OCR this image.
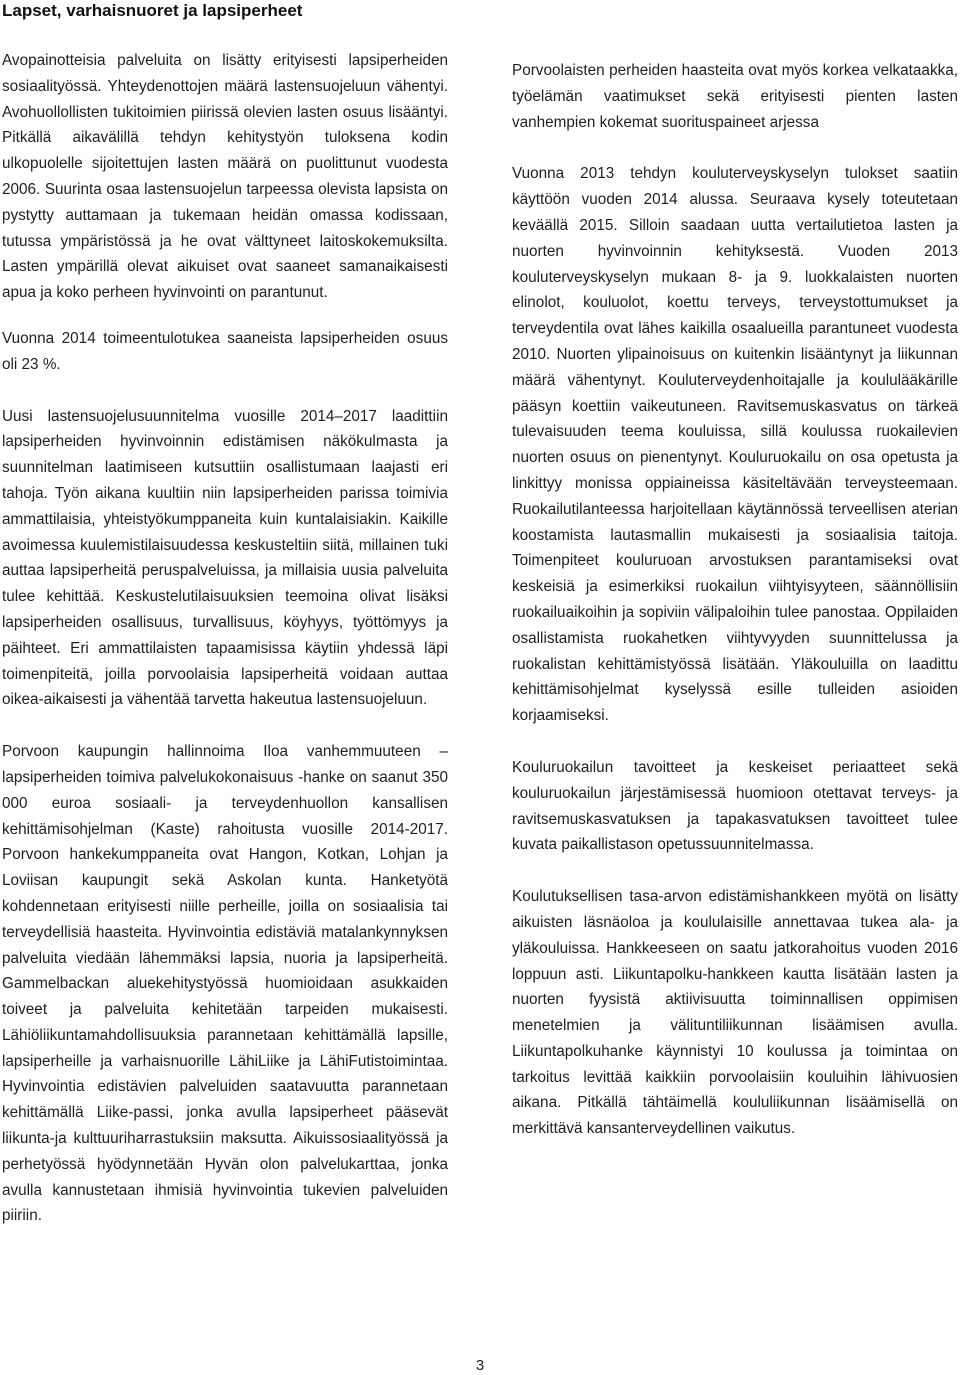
Lapset, varhaisnuoret ja lapsiperheet

Avopainotteisia palveluita on lisätty erityisesti lapsiperheiden sosiaalityössä. Yhteydenottojen määrä lastensuojeluun vähentyi. Avohuollollisten tukitoimien piirissä olevien lasten osuus lisääntyi. Pitkällä aikavälillä tehdyn kehitystyön tuloksena kodin ulkopuolelle sijoitettujen lasten määrä on puolittunut vuodesta 2006. Suurinta osaa lastensuojelun tarpeessa olevista lapsista on pystytty auttamaan ja tukemaan heidän omassa kodissaan, tutussa ympäristössä ja he ovat välttyneet laitoskokemuksilta. Lasten ympärillä olevat aikuiset ovat saaneet samanaikaisesti apua ja koko perheen hyvinvointi on parantunut.

Vuonna 2014 toimeentulotukea saaneista lapsiperheiden osuus oli 23 %.

Uusi lastensuojelusuunnitelma vuosille 2014–2017 laadittiin lapsiperheiden hyvinvoinnin edistämisen näkökulmasta ja suunnitelman laatimiseen kutsuttiin osallistumaan laajasti eri tahoja. Työn aikana kuultiin niin lapsiperheiden parissa toimivia ammattilaisia, yhteistyökumppaneita kuin kuntalaisiakin. Kaikille avoimessa kuulemistilaisuudessa keskusteltiin siitä, millainen tuki auttaa lapsiperheitä peruspalveluissa, ja millaisia uusia palveluita tulee kehittää. Keskustelutilaisuuksien teemoina olivat lisäksi lapsiperheiden osallisuus, turvallisuus, köyhyys, työttömyys ja päihteet. Eri ammattilaisten tapaamisissa käytiin yhdessä läpi toimenpiteitä, joilla porvoolaisia lapsiperheitä voidaan auttaa oikea-aikaisesti ja vähentää tarvetta hakeutua lastensuojeluun.

Porvoon kaupungin hallinnoima Iloa vanhemmuuteen – lapsiperheiden toimiva palvelukokonaisuus -hanke on saanut 350 000 euroa sosiaali- ja terveydenhuollon kansallisen kehittämisohjelman (Kaste) rahoitusta vuosille 2014-2017. Porvoon hankekumppaneita ovat Hangon, Kotkan, Lohjan ja Loviisan kaupungit sekä Askolan kunta. Hanketyötä kohdennetaan erityisesti niille perheille, joilla on sosiaalisia tai terveydellisiä haasteita. Hyvinvointia edistäviä matalankynnyksen palveluita viedään lähemmäksi lapsia, nuoria ja lapsiperheitä. Gammelbackan aluekehitystyössä huomioidaan asukkaiden toiveet ja palveluita kehitetään tarpeiden mukaisesti. Lähiöliikuntamahdollisuuksia parannetaan kehittämällä lapsille, lapsiperheille ja varhaisnuorille LähiLiike ja LähiFutistoimintaa. Hyvinvointia edistävien palveluiden saatavuutta parannetaan kehittämällä Liike-passi, jonka avulla lapsiperheet pääsevät liikunta-ja kulttuuriharrastuksiin maksutta. Aikuissosiaalityössä ja perhetyössä hyödynnetään Hyvän olon palvelukarttaa, jonka avulla kannustetaan ihmisiä hyvinvointia tukevien palveluiden piiriin.

Porvoolaisten perheiden haasteita ovat myös korkea velkataakka, työelämän vaatimukset sekä erityisesti pienten lasten vanhempien kokemat suorituspaineet arjessa

Vuonna 2013 tehdyn kouluterveyskyselyn tulokset saatiin käyttöön vuoden 2014 alussa. Seuraava kysely toteutetaan keväällä 2015. Silloin saadaan uutta vertailutietoa lasten ja nuorten hyvinvoinnin kehityksestä. Vuoden 2013 kouluterveyskyselyn mukaan 8- ja 9. luokkalaisten nuorten elinolot, kouluolot, koettu terveys, terveystottumukset ja terveydentila ovat lähes kaikilla osaalueilla parantuneet vuodesta 2010. Nuorten ylipainoisuus on kuitenkin lisääntynyt ja liikunnan määrä vähentynyt. Kouluterveydenhoitajalle ja koululääkärille pääsyn koettiin vaikeutuneen. Ravitsemuskasvatus on tärkeä tulevaisuuden teema kouluissa, sillä koulussa ruokailevien nuorten osuus on pienentynyt. Kouluruokailu on osa opetusta ja linkittyy monissa oppiaineissa käsiteltävään terveysteemaan. Ruokailutilanteessa harjoitellaan käytännössä terveellisen aterian koostamista lautasmallin mukaisesti ja sosiaalisia taitoja. Toimenpiteet kouluruoan arvostuksen parantamiseksi ovat keskeisiä ja esimerkiksi ruokailun viihtyisyyteen, säännöllisiin ruokailuaikoihin ja sopiviin välipaloihin tulee panostaa. Oppilaiden osallistamista ruokahetken viihtyvyyden suunnittelussa ja ruokalistan kehittämistyössä lisätään. Yläkouluilla on laadittu kehittämisohjelmat kyselyssä esille tulleiden asioiden korjaamiseksi.

Kouluruokailun tavoitteet ja keskeiset periaatteet sekä kouluruokailun järjestämisessä huomioon otettavat terveys- ja ravitsemuskasvatuksen ja tapakasvatuksen tavoitteet tulee kuvata paikallistason opetussuunnitelmassa.

Koulutuksellisen tasa-arvon edistämishankkeen myötä on lisätty aikuisten läsnäoloa ja koululaisille annettavaa tukea ala- ja yläkouluissa. Hankkeeseen on saatu jatkorahoitus vuoden 2016 loppuun asti. Liikuntapolku-hankkeen kautta lisätään lasten ja nuorten fyysistä aktiivisuutta toiminnallisen oppimisen menetelmien ja välituntiliikunnan lisäämisen avulla. Liikuntapolkuhanke käynnistyi 10 koulussa ja toimintaa on tarkoitus levittää kaikkiin porvoolaisiin kouluihin lähivuosien aikana. Pitkällä tähtäimellä koululiikunnan lisäämisellä on merkittävä kansanterveydellinen vaikutus.

3
